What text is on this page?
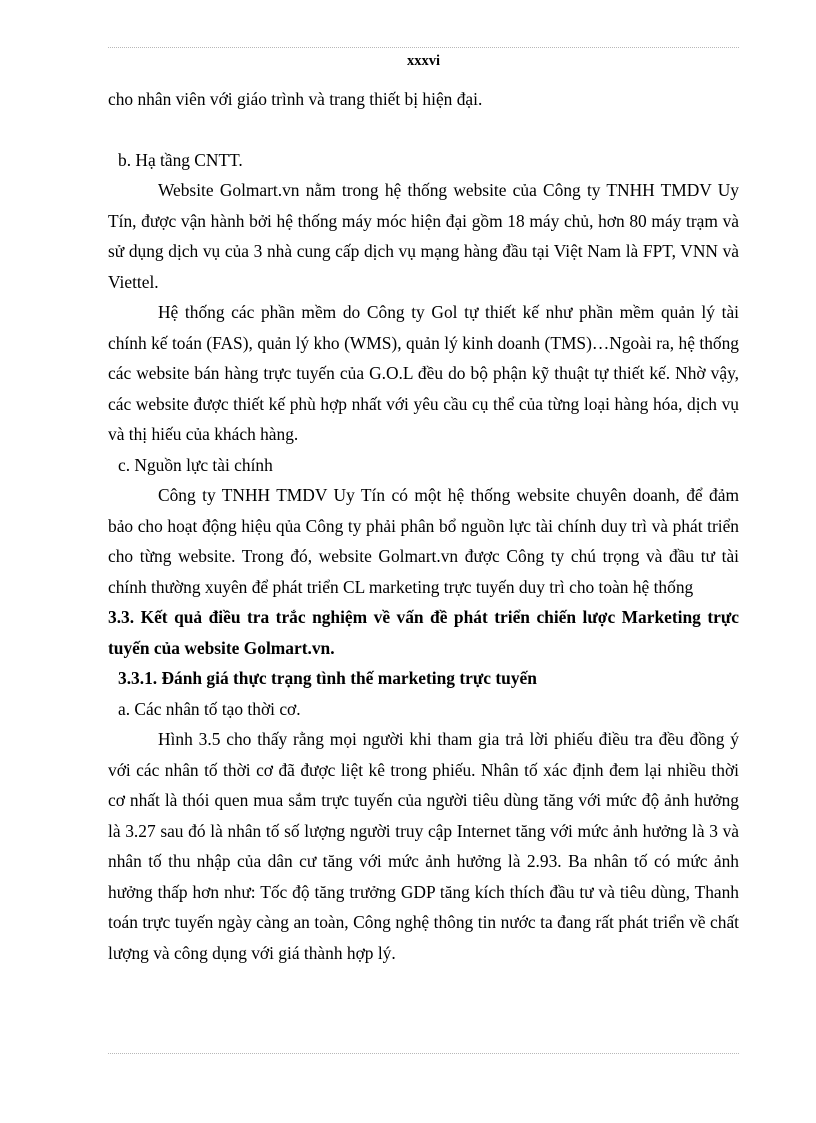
xxxvi

cho nhân viên với giáo trình và trang thiết bị hiện đại.

b. Hạ tầng CNTT.

Website Golmart.vn nằm trong hệ thống website của Công ty TNHH TMDV Uy Tín, được vận hành bởi hệ thống máy móc hiện đại gồm 18 máy chủ, hơn 80 máy trạm và sử dụng dịch vụ của 3 nhà cung cấp dịch vụ mạng hàng đầu tại Việt Nam là FPT, VNN và Viettel.

Hệ thống các phần mềm do Công ty Gol tự thiết kế như phần mềm quản lý tài chính kế toán (FAS), quản lý kho (WMS), quản lý kinh doanh (TMS)…Ngoài ra, hệ thống các website bán hàng trực tuyến của G.O.L đều do bộ phận kỹ thuật tự thiết kế. Nhờ vậy, các website được thiết kế phù hợp nhất với yêu cầu cụ thể của từng loại hàng hóa, dịch vụ và thị hiếu của khách hàng.

c. Nguồn lực tài chính

Công ty TNHH TMDV Uy Tín có một hệ thống website chuyên doanh, để đảm bảo cho hoạt động hiệu qủa Công ty phải phân bổ nguồn lực tài chính duy trì và phát triển cho từng website. Trong đó, website Golmart.vn được Công ty chú trọng và đầu tư tài chính thường xuyên để phát triển CL marketing trực tuyến duy trì cho toàn hệ thống

3.3. Kết quả điều tra trắc nghiệm về vấn đề phát triển chiến lược Marketing trực tuyến của website Golmart.vn.

3.3.1. Đánh giá thực trạng tình thế marketing trực tuyến

a. Các nhân tố tạo thời cơ.

Hình 3.5 cho thấy rằng mọi người khi tham gia trả lời phiếu điều tra đều đồng ý với các nhân tố thời cơ đã được liệt kê trong phiếu. Nhân tố xác định đem lại nhiều thời cơ nhất là thói quen mua sắm trực tuyến của người tiêu dùng tăng với mức độ ảnh hưởng là 3.27 sau đó là nhân tố số lượng người truy cập Internet tăng với mức ảnh hưởng là 3 và nhân tố thu nhập của dân cư tăng với mức ảnh hưởng là 2.93. Ba nhân tố có mức ảnh hưởng thấp hơn như: Tốc độ tăng trưởng GDP tăng kích thích đầu tư và tiêu dùng, Thanh toán trực tuyến ngày càng an toàn, Công nghệ thông tin nước ta đang rất phát triển về chất lượng và công dụng với giá thành hợp lý.
